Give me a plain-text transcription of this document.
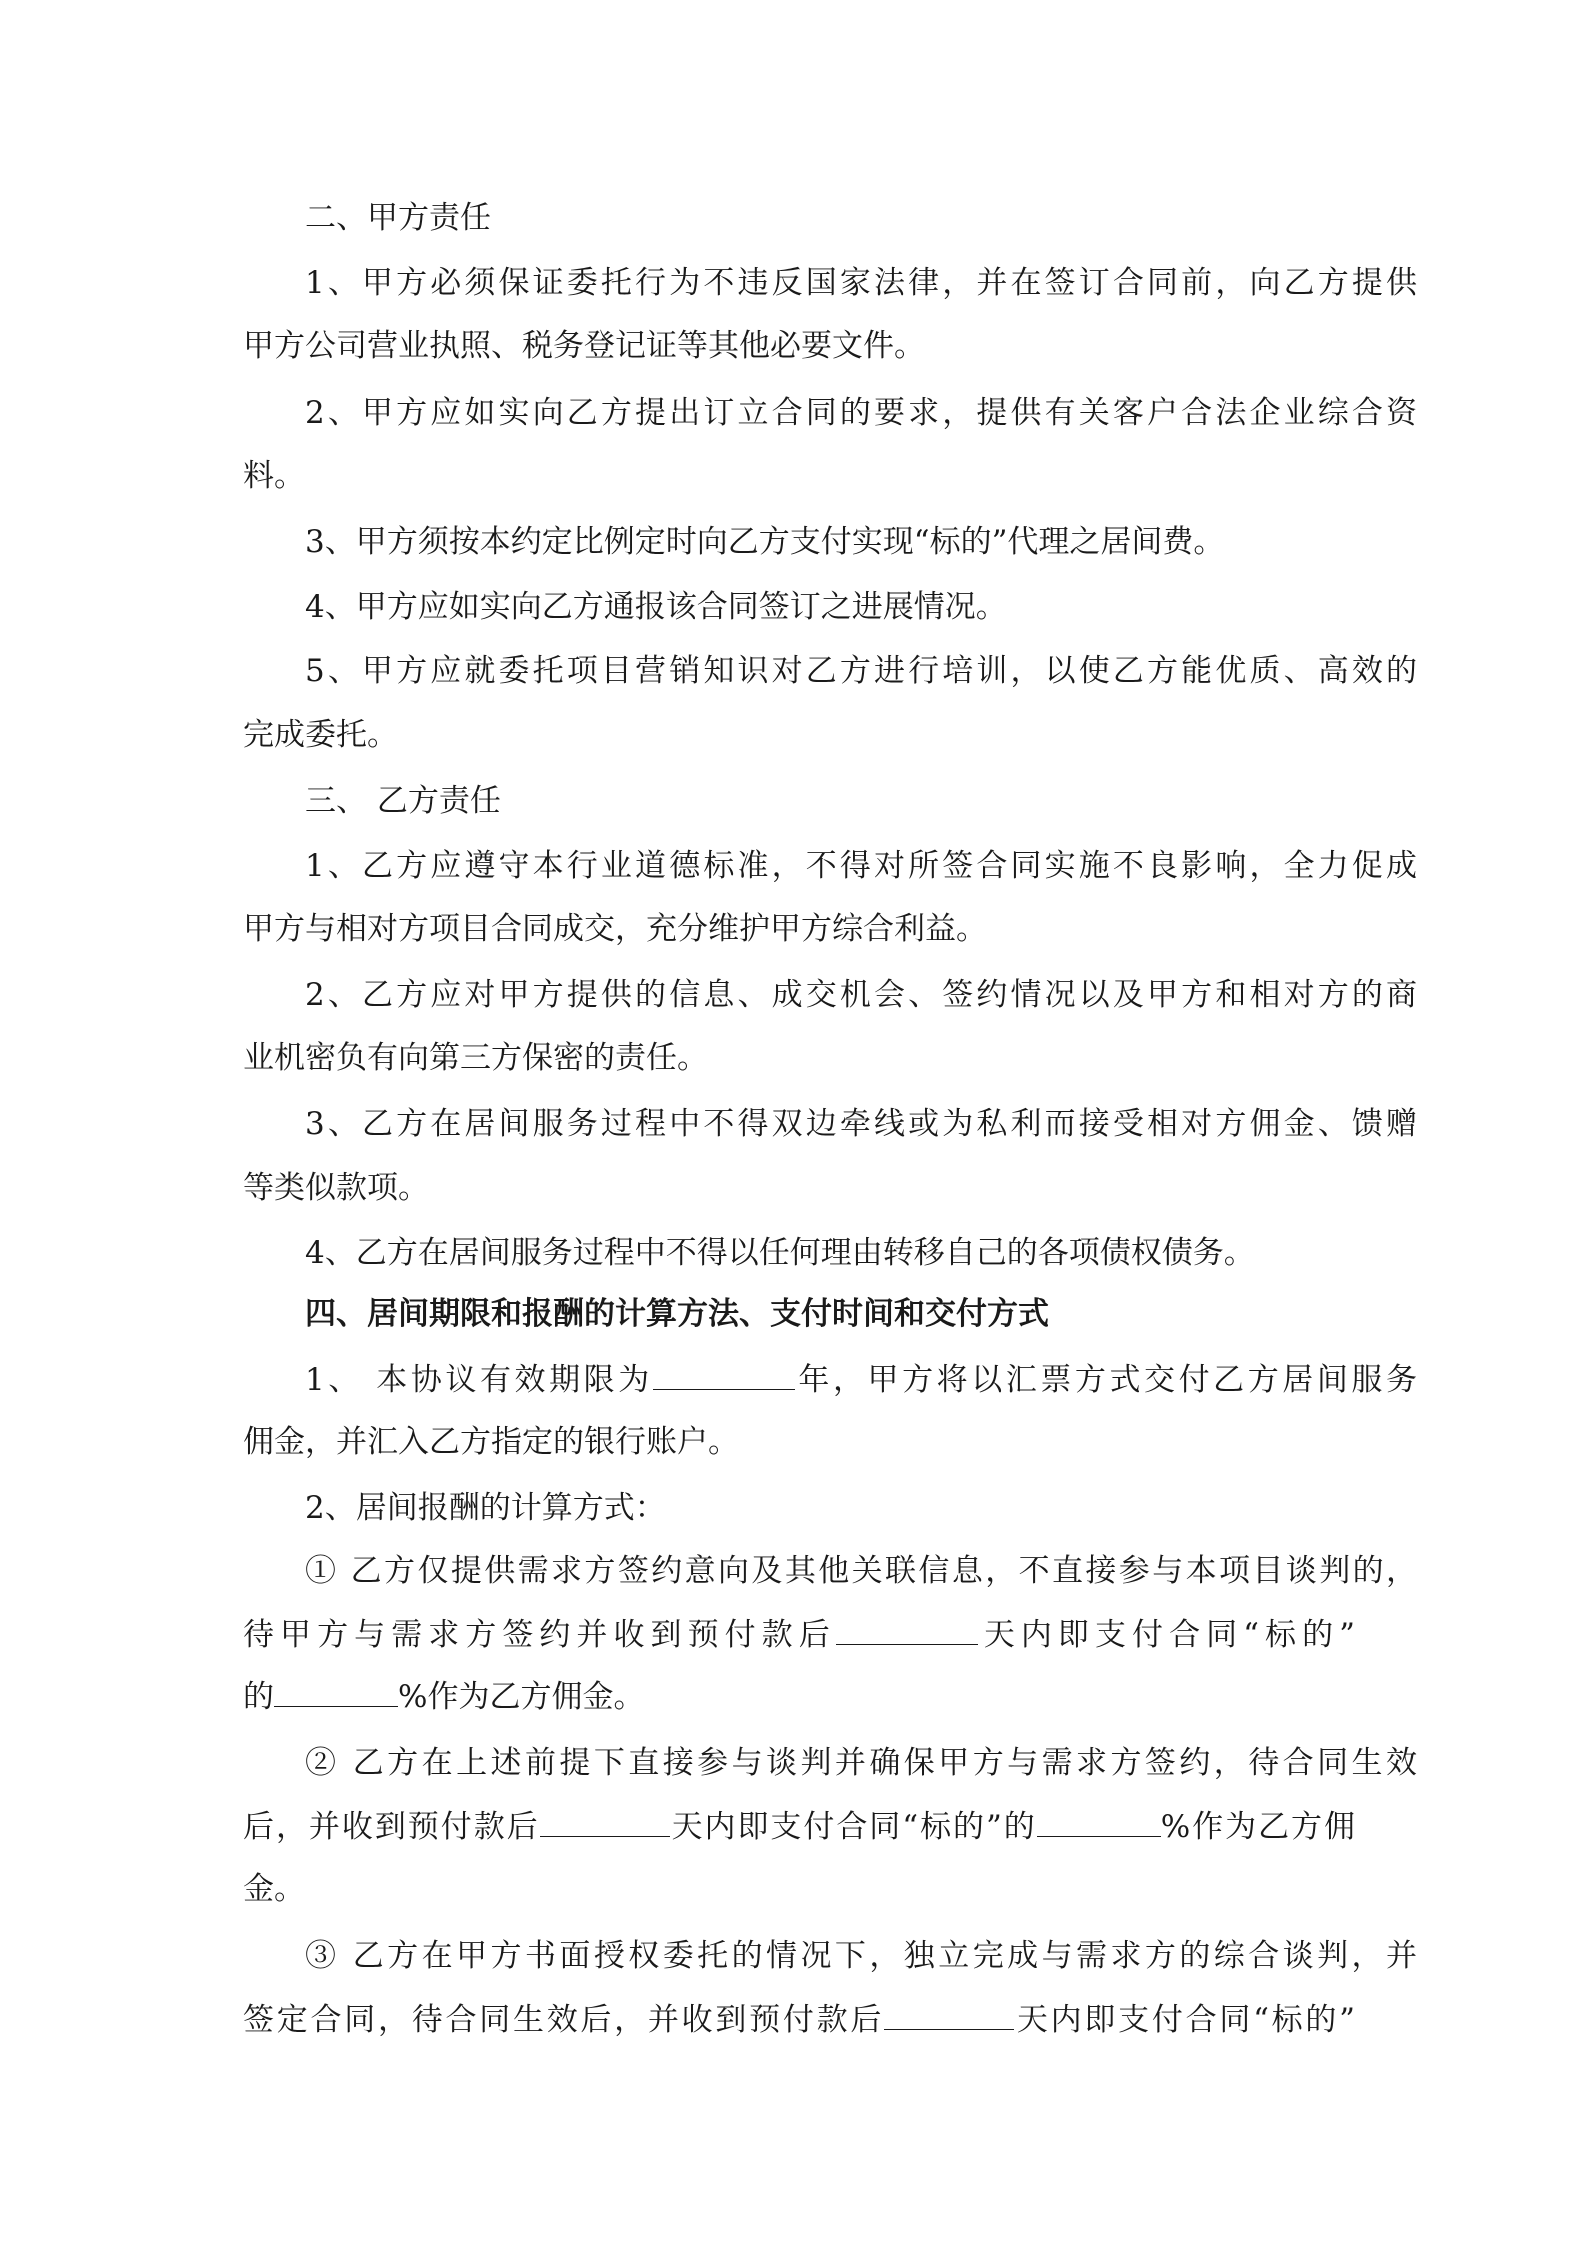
二、甲方责任
1、甲方必须保证委托行为不违反国家法律，并在签订合同前，向乙方提供
甲方公司营业执照、税务登记证等其他必要文件。
2、甲方应如实向乙方提出订立合同的要求，提供有关客户合法企业综合资
料。
3、甲方须按本约定比例定时向乙方支付实现“标的”代理之居间费。
4、甲方应如实向乙方通报该合同签订之进展情况。
5、甲方应就委托项目营销知识对乙方进行培训，以使乙方能优质、高效的
完成委托。
三、 乙方责任
1、乙方应遵守本行业道德标准，不得对所签合同实施不良影响，全力促成
甲方与相对方项目合同成交，充分维护甲方综合利益。
2、乙方应对甲方提供的信息、成交机会、签约情况以及甲方和相对方的商
业机密负有向第三方保密的责任。
3、乙方在居间服务过程中不得双边牵线或为私利而接受相对方佣金、馈赠
等类似款项。
4、乙方在居间服务过程中不得以任何理由转移自己的各项债权债务。
四、居间期限和报酬的计算方法、支付时间和交付方式
1、 本协议有效期限为	年，甲方将以汇票方式交付乙方居间服务
佣金，并汇入乙方指定的银行账户。
2、居间报酬的计算方式：
① 乙方仅提供需求方签约意向及其他关联信息，不直接参与本项目谈判的，
待甲方与需求方签约并收到预付款后	天内即支付合同“标的”
的	%作为乙方佣金。
② 乙方在上述前提下直接参与谈判并确保甲方与需求方签约，待合同生效
后，并收到预付款后	天内即支付合同“标的”的	%作为乙方佣
金。
③ 乙方在甲方书面授权委托的情况下，独立完成与需求方的综合谈判，并
签定合同，待合同生效后，并收到预付款后	天内即支付合同“标的”
